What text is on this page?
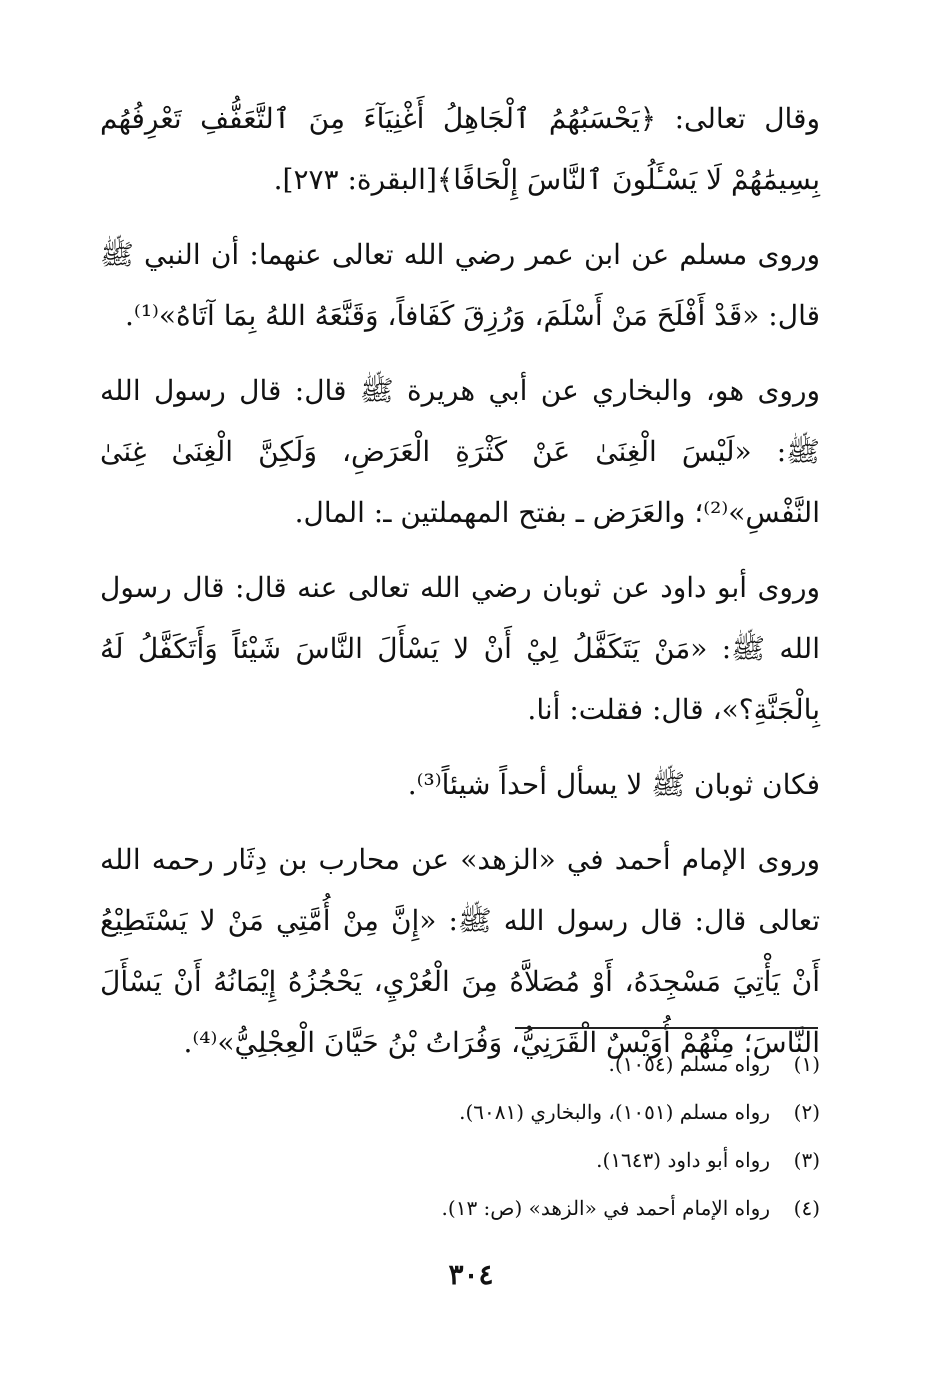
وقال تعالى: ﴿يَحْسَبُهُمُ ٱلْجَاهِلُ أَغْنِيَآءَ مِنَ ٱلتَّعَفُّفِ تَعْرِفُهُم بِسِيمَٰهُمْ لَا يَسْـَٔلُونَ ٱلنَّاسَ إِلْحَافًا﴾[البقرة: ٢٧٣].

وروى مسلم عن ابن عمر رضي الله تعالى عنهما: أن النبي ﷺ قال: «قَدْ أَفْلَحَ مَنْ أَسْلَمَ، وَرُزِقَ كَفَافاً، وَقَنَّعَهُ اللهُ بِمَا آتَاهُ»⁽¹⁾.

وروى هو، والبخاري عن أبي هريرة ﷺ قال: قال رسول الله ﷺ: «لَيْسَ الْغِنَىٰ عَنْ كَثْرَةِ الْعَرَضِ، وَلَكِنَّ الْغِنَىٰ غِنَىٰ النَّفْسِ»⁽²⁾؛ والعَرَض ـ بفتح المهملتين ـ: المال.

وروى أبو داود عن ثوبان رضي الله تعالى عنه قال: قال رسول الله ﷺ: «مَنْ يَتَكَفَّلُ لِيْ أَنْ لا يَسْأَلَ النَّاسَ شَيْئاً وَأَتَكَفَّلُ لَهُ بِالْجَنَّةِ؟»، قال: فقلت: أنا.

فكان ثوبان ﷺ لا يسأل أحداً شيئاً⁽³⁾.

وروى الإمام أحمد في «الزهد» عن محارب بن دِثَار رحمه الله تعالى قال: قال رسول الله ﷺ: «إِنَّ مِنْ أُمَّتِي مَنْ لا يَسْتَطِيْعُ أَنْ يَأْتِيَ مَسْجِدَهُ، أَوْ مُصَلاَّهُ مِنَ الْعُرْيِ، يَحْجُزُهُ إِيْمَانُهُ أَنْ يَسْأَلَ النَّاسَ؛ مِنْهُمْ أُوَيْسٌ الْقَرَنِيُّ، وَفُرَاتُ بْنُ حَيَّانَ الْعِجْلِيُّ»⁽⁴⁾.

(١)رواه مسلم (١٠٥٤).
(٢)رواه مسلم (١٠٥١)، والبخاري (٦٠٨١).
(٣)رواه أبو داود (١٦٤٣).
(٤)رواه الإمام أحمد في «الزهد» (ص: ١٣).
٣٠٤
